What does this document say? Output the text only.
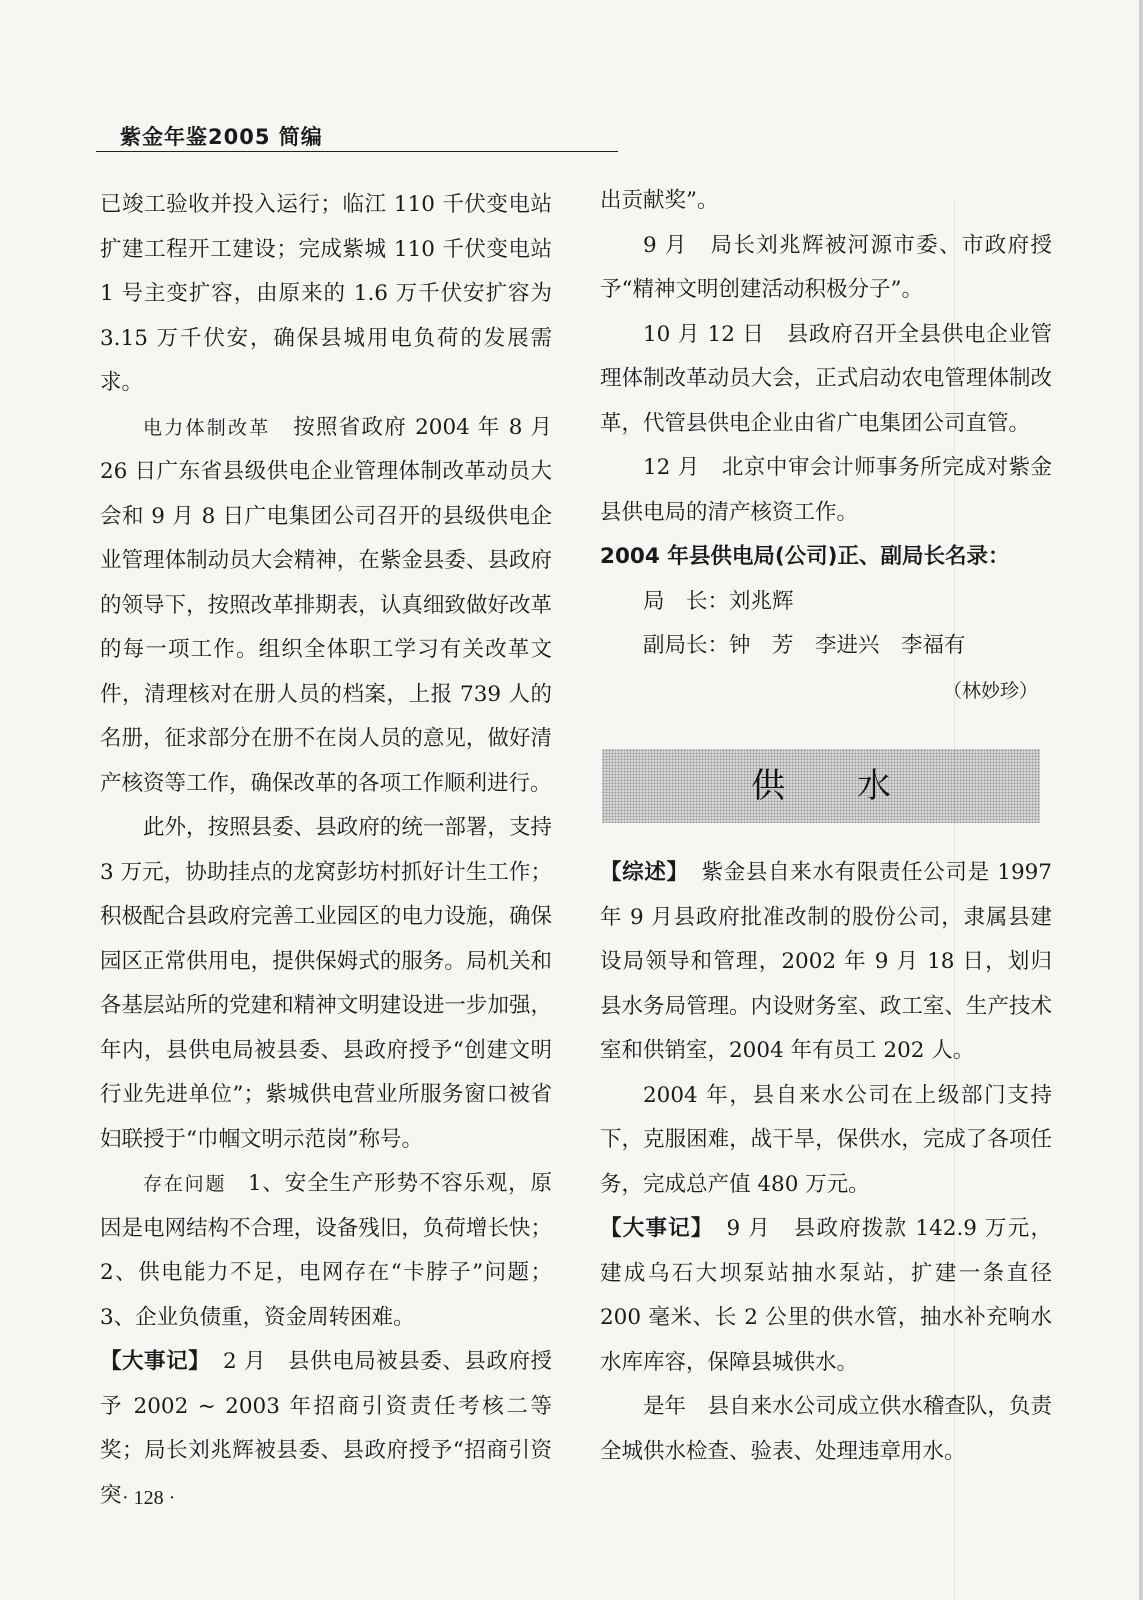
紫金年鉴2005 简编

已竣工验收并投入运行；临江 110 千伏变电站扩建工程开工建设；完成紫城 110 千伏变电站 1 号主变扩容，由原来的 1.6 万千伏安扩容为 3.15 万千伏安，确保县城用电负荷的发展需求。

电力体制改革 按照省政府 2004 年 8 月 26 日广东省县级供电企业管理体制改革动员大会和 9 月 8 日广电集团公司召开的县级供电企业管理体制动员大会精神，在紫金县委、县政府的领导下，按照改革排期表，认真细致做好改革的每一项工作。组织全体职工学习有关改革文件，清理核对在册人员的档案，上报 739 人的名册，征求部分在册不在岗人员的意见，做好清产核资等工作，确保改革的各项工作顺利进行。

此外，按照县委、县政府的统一部署，支持 3 万元，协助挂点的龙窝彭坊村抓好计生工作；积极配合县政府完善工业园区的电力设施，确保园区正常供用电，提供保姆式的服务。局机关和各基层站所的党建和精神文明建设进一步加强，年内，县供电局被县委、县政府授予“创建文明行业先进单位”；紫城供电营业所服务窗口被省妇联授于“巾帼文明示范岗”称号。

存在问题 1、安全生产形势不容乐观，原因是电网结构不合理，设备残旧，负荷增长快；2、供电能力不足，电网存在“卡脖子”问题；3、企业负债重，资金周转困难。

【大事记】 2 月 县供电局被县委、县政府授予 2002 ~ 2003 年招商引资责任考核二等奖；局长刘兆辉被县委、县政府授予“招商引资突

出贡献奖”。

9 月 局长刘兆辉被河源市委、市政府授予“精神文明创建活动积极分子”。

10 月 12 日 县政府召开全县供电企业管理体制改革动员大会，正式启动农电管理体制改革，代管县供电企业由省广电集团公司直管。

12 月 北京中审会计师事务所完成对紫金县供电局的清产核资工作。

2004 年县供电局(公司)正、副局长名录：

局　长：刘兆辉

副局长：钟　芳　李进兴　李福有

（林妙珍）

供水

【综述】 紫金县自来水有限责任公司是 1997 年 9 月县政府批准改制的股份公司，隶属县建设局领导和管理，2002 年 9 月 18 日，划归县水务局管理。内设财务室、政工室、生产技术室和供销室，2004 年有员工 202 人。

2004 年，县自来水公司在上级部门支持下，克服困难，战干旱，保供水，完成了各项任务，完成总产值 480 万元。

【大事记】 9 月 县政府拨款 142.9 万元，建成乌石大坝泵站抽水泵站，扩建一条直径 200 毫米、长 2 公里的供水管，抽水补充响水水库库容，保障县城供水。

是年 县自来水公司成立供水稽查队，负责全城供水检查、验表、处理违章用水。

· 128 ·
